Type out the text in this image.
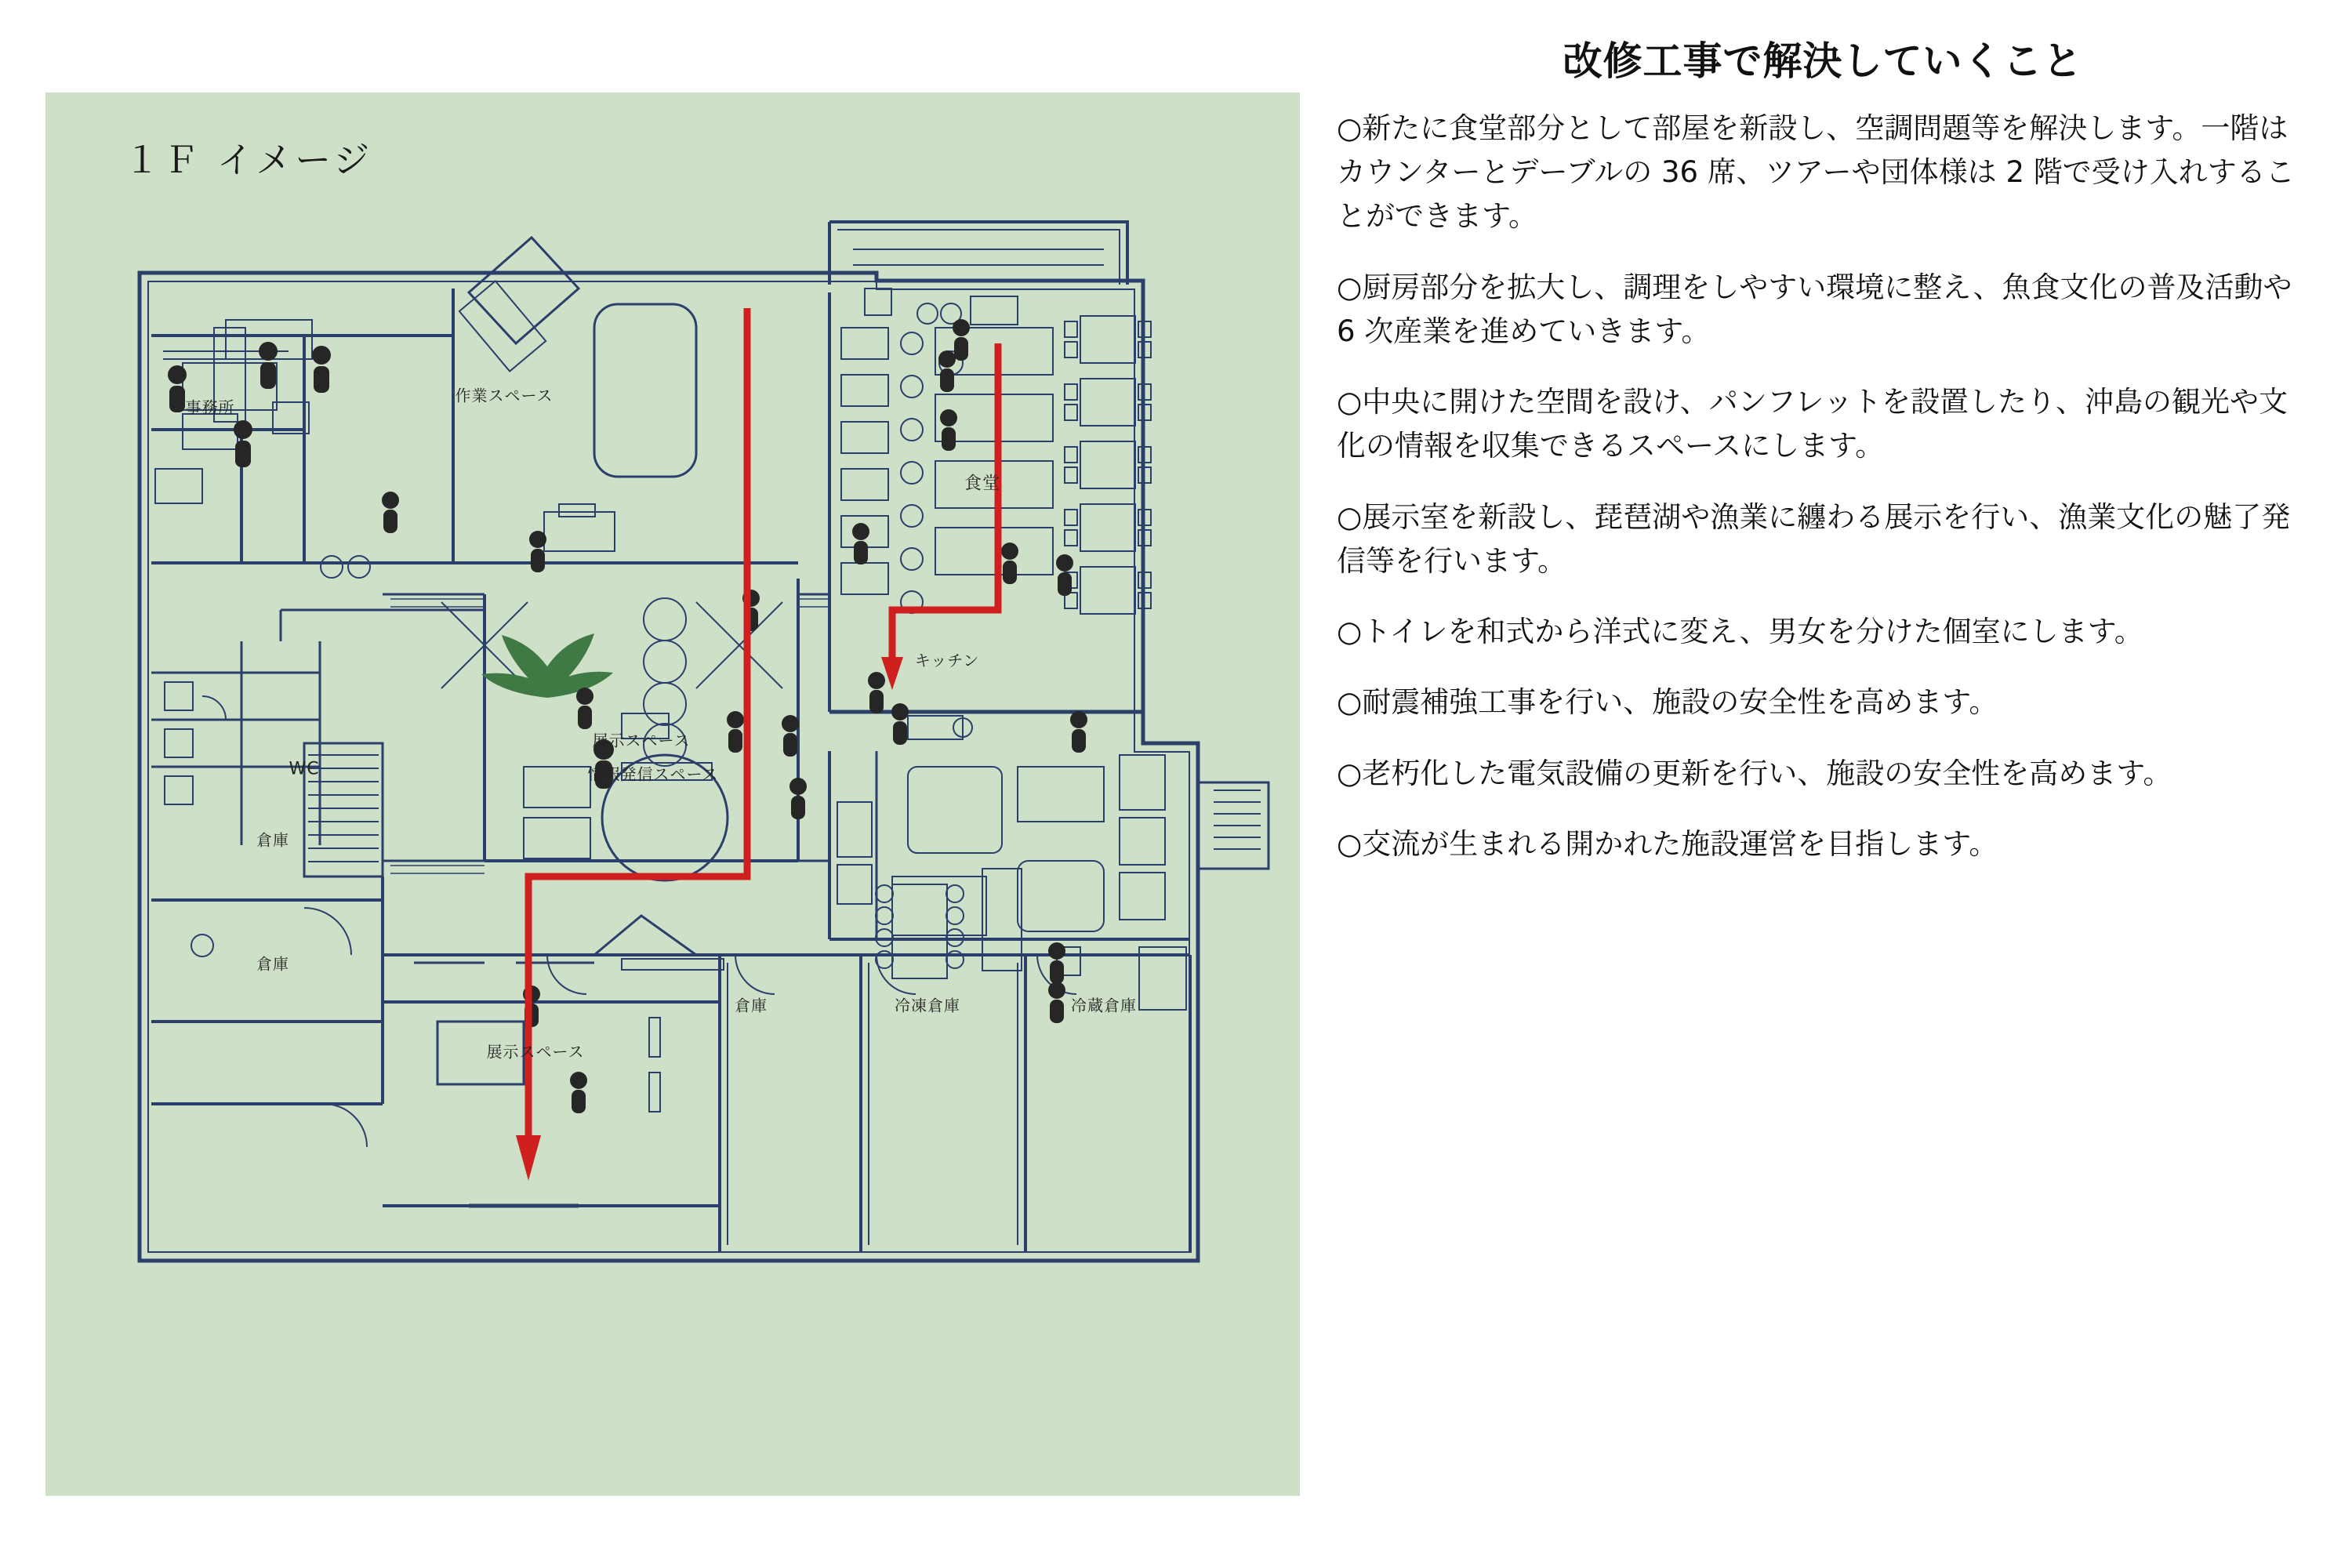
１Ｆ イメージ
事務所
作業スペース
食堂
キッチン
WC
展示スペース
情報発信スペース
倉庫
倉庫
展示スペース
倉庫	冷凍倉庫	冷蔵倉庫
改修工事で解決していくこと

○新たに食堂部分として部屋を新設し、空調問題等を解決します。一階はカウンターとデーブルの 36 席、ツアーや団体様は 2 階で受け入れすることができます。

○厨房部分を拡大し、調理をしやすい環境に整え、魚食文化の普及活動や 6 次産業を進めていきます。

○中央に開けた空間を設け、パンフレットを設置したり、沖島の観光や文化の情報を収集できるスペースにします。

○展示室を新設し、琵琶湖や漁業に纏わる展示を行い、漁業文化の魅了発信等を行います。

○トイレを和式から洋式に変え、男女を分けた個室にします。

○耐震補強工事を行い、施設の安全性を高めます。

○老朽化した電気設備の更新を行い、施設の安全性を高めます。

○交流が生まれる開かれた施設運営を目指します。
